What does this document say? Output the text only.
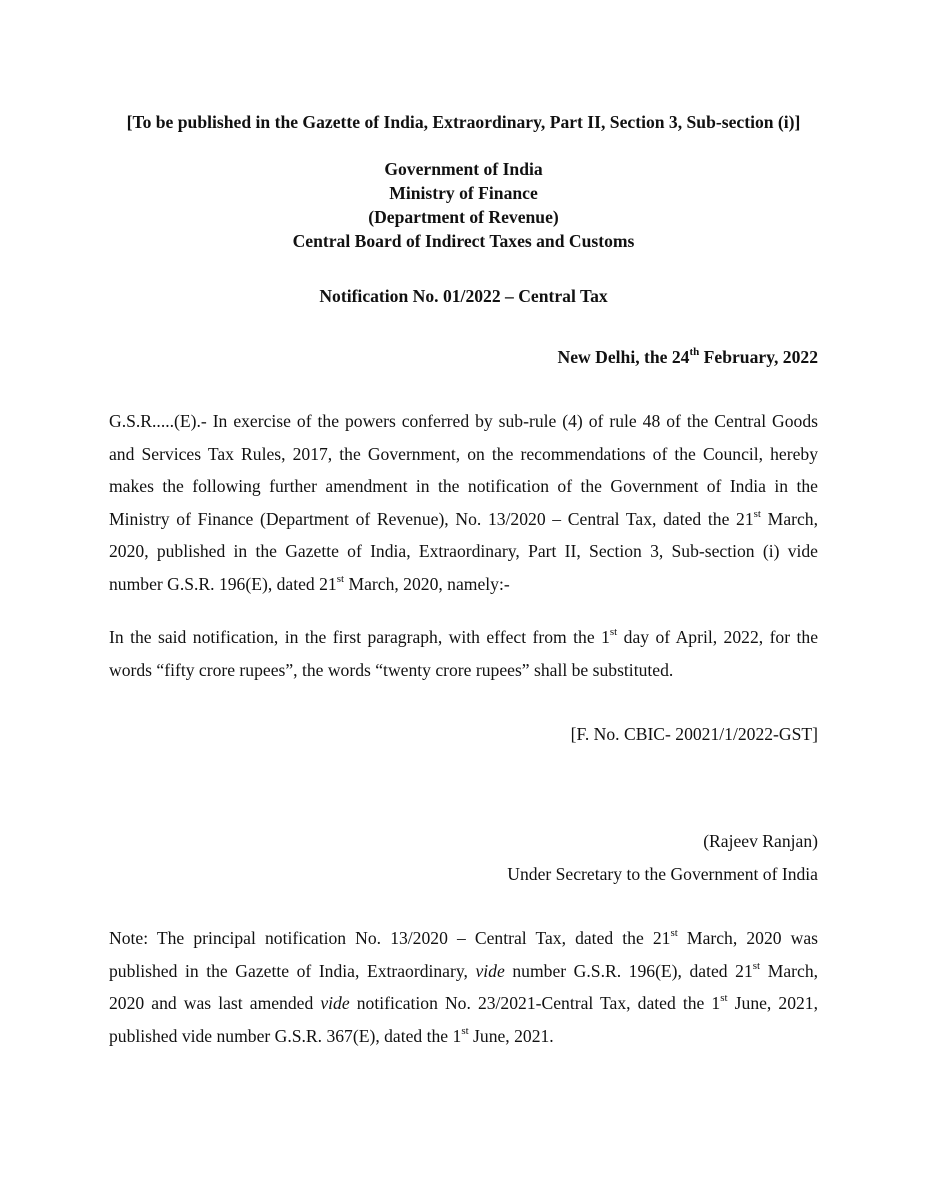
[To be published in the Gazette of India, Extraordinary, Part II, Section 3, Sub-section (i)]
Government of India
Ministry of Finance
(Department of Revenue)
Central Board of Indirect Taxes and Customs
Notification No. 01/2022 – Central Tax
New Delhi, the 24th February, 2022
G.S.R.....(E).- In exercise of the powers conferred by sub-rule (4) of rule 48 of the Central Goods
and Services Tax Rules, 2017, the Government, on the recommendations of the Council, hereby
makes the following further amendment in the notification of the Government of India in the
Ministry of Finance (Department of Revenue), No. 13/2020 – Central Tax, dated the 21st March,
2020, published in the Gazette of India, Extraordinary, Part II, Section 3, Sub-section (i) vide
number G.S.R. 196(E), dated 21st March, 2020, namely:-
In the said notification, in the first paragraph, with effect from the 1st day of April, 2022, for the
words “fifty crore rupees”, the words “twenty crore rupees” shall be substituted.
[F. No. CBIC- 20021/1/2022-GST]
(Rajeev Ranjan)
Under Secretary to the Government of India
Note: The principal notification No. 13/2020 – Central Tax, dated the 21st March, 2020 was
published in the Gazette of India, Extraordinary, vide number G.S.R. 196(E), dated 21st March,
2020 and was last amended vide notification No. 23/2021-Central Tax, dated the 1st June, 2021,
published vide number G.S.R. 367(E), dated the 1st June, 2021.
